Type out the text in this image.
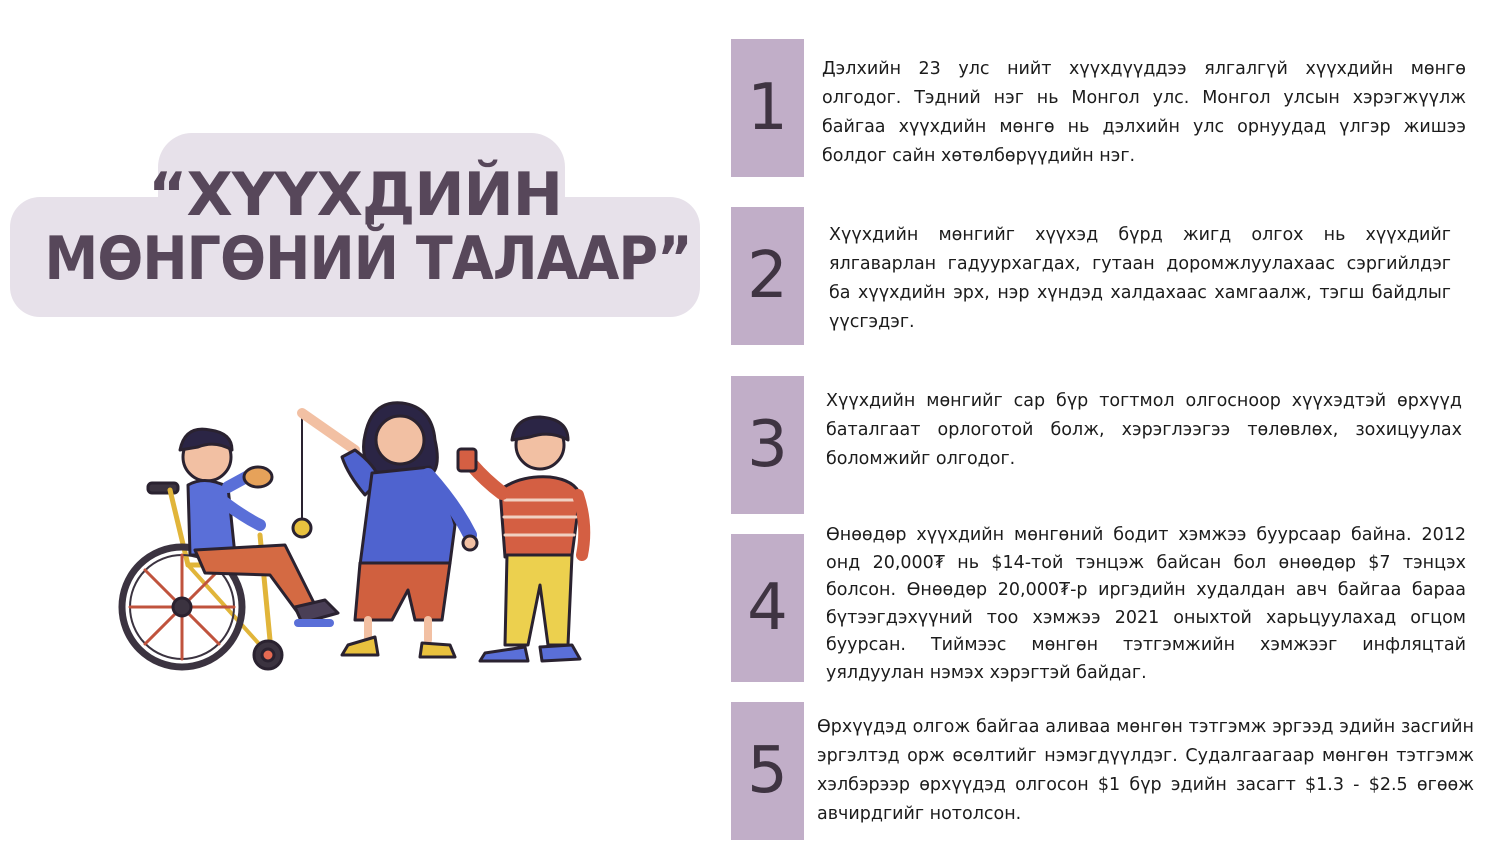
“ХҮҮХДИЙН
МӨНГӨНИЙ ТАЛААР”
1

Дэлхийн 23 улс нийт хүүхдүүддээ ялгалгүй хүүхдийн мөнгө олгодог. Тэдний нэг нь Монгол улс. Монгол улсын хэрэгжүүлж байгаа хүүхдийн мөнгө нь дэлхийн улс орнуудад үлгэр жишээ болдог сайн хөтөлбөрүүдийн нэг.

2

Хүүхдийн мөнгийг хүүхэд бүрд жигд олгох нь хүүхдийг ялгаварлан гадуурхагдах, гутаан доромжлуулахаас сэргийлдэг ба хүүхдийн эрх, нэр хүндэд халдахаас хамгаалж, тэгш байдлыг үүсгэдэг.

3

Хүүхдийн мөнгийг сар бүр тогтмол олгосноор хүүхэдтэй өрхүүд баталгаат орлоготой болж, хэрэглээгээ төлөвлөх, зохицуулах боломжийг олгодог.

4

Өнөөдөр хүүхдийн мөнгөний бодит хэмжээ буурсаар байна. 2012 онд 20,000₮ нь $14-той тэнцэж байсан бол өнөөдөр $7 тэнцэх болсон. Өнөөдөр 20,000₮-р иргэдийн худалдан авч байгаа бараа бүтээгдэхүүний тоо хэмжээ 2021 оныхтой харьцуулахад огцом буурсан. Тиймээс мөнгөн тэтгэмжийн хэмжээг инфляцтай уялдуулан нэмэх хэрэгтэй байдаг.

5

Өрхүүдэд олгож байгаа аливаа мөнгөн тэтгэмж эргээд эдийн засгийн эргэлтэд орж өсөлтийг нэмэгдүүлдэг. Судалгаагаар мөнгөн тэтгэмж хэлбэрээр өрхүүдэд олгосон $1 бүр эдийн засагт $1.3 - $2.5 өгөөж авчирдгийг нотолсон.
